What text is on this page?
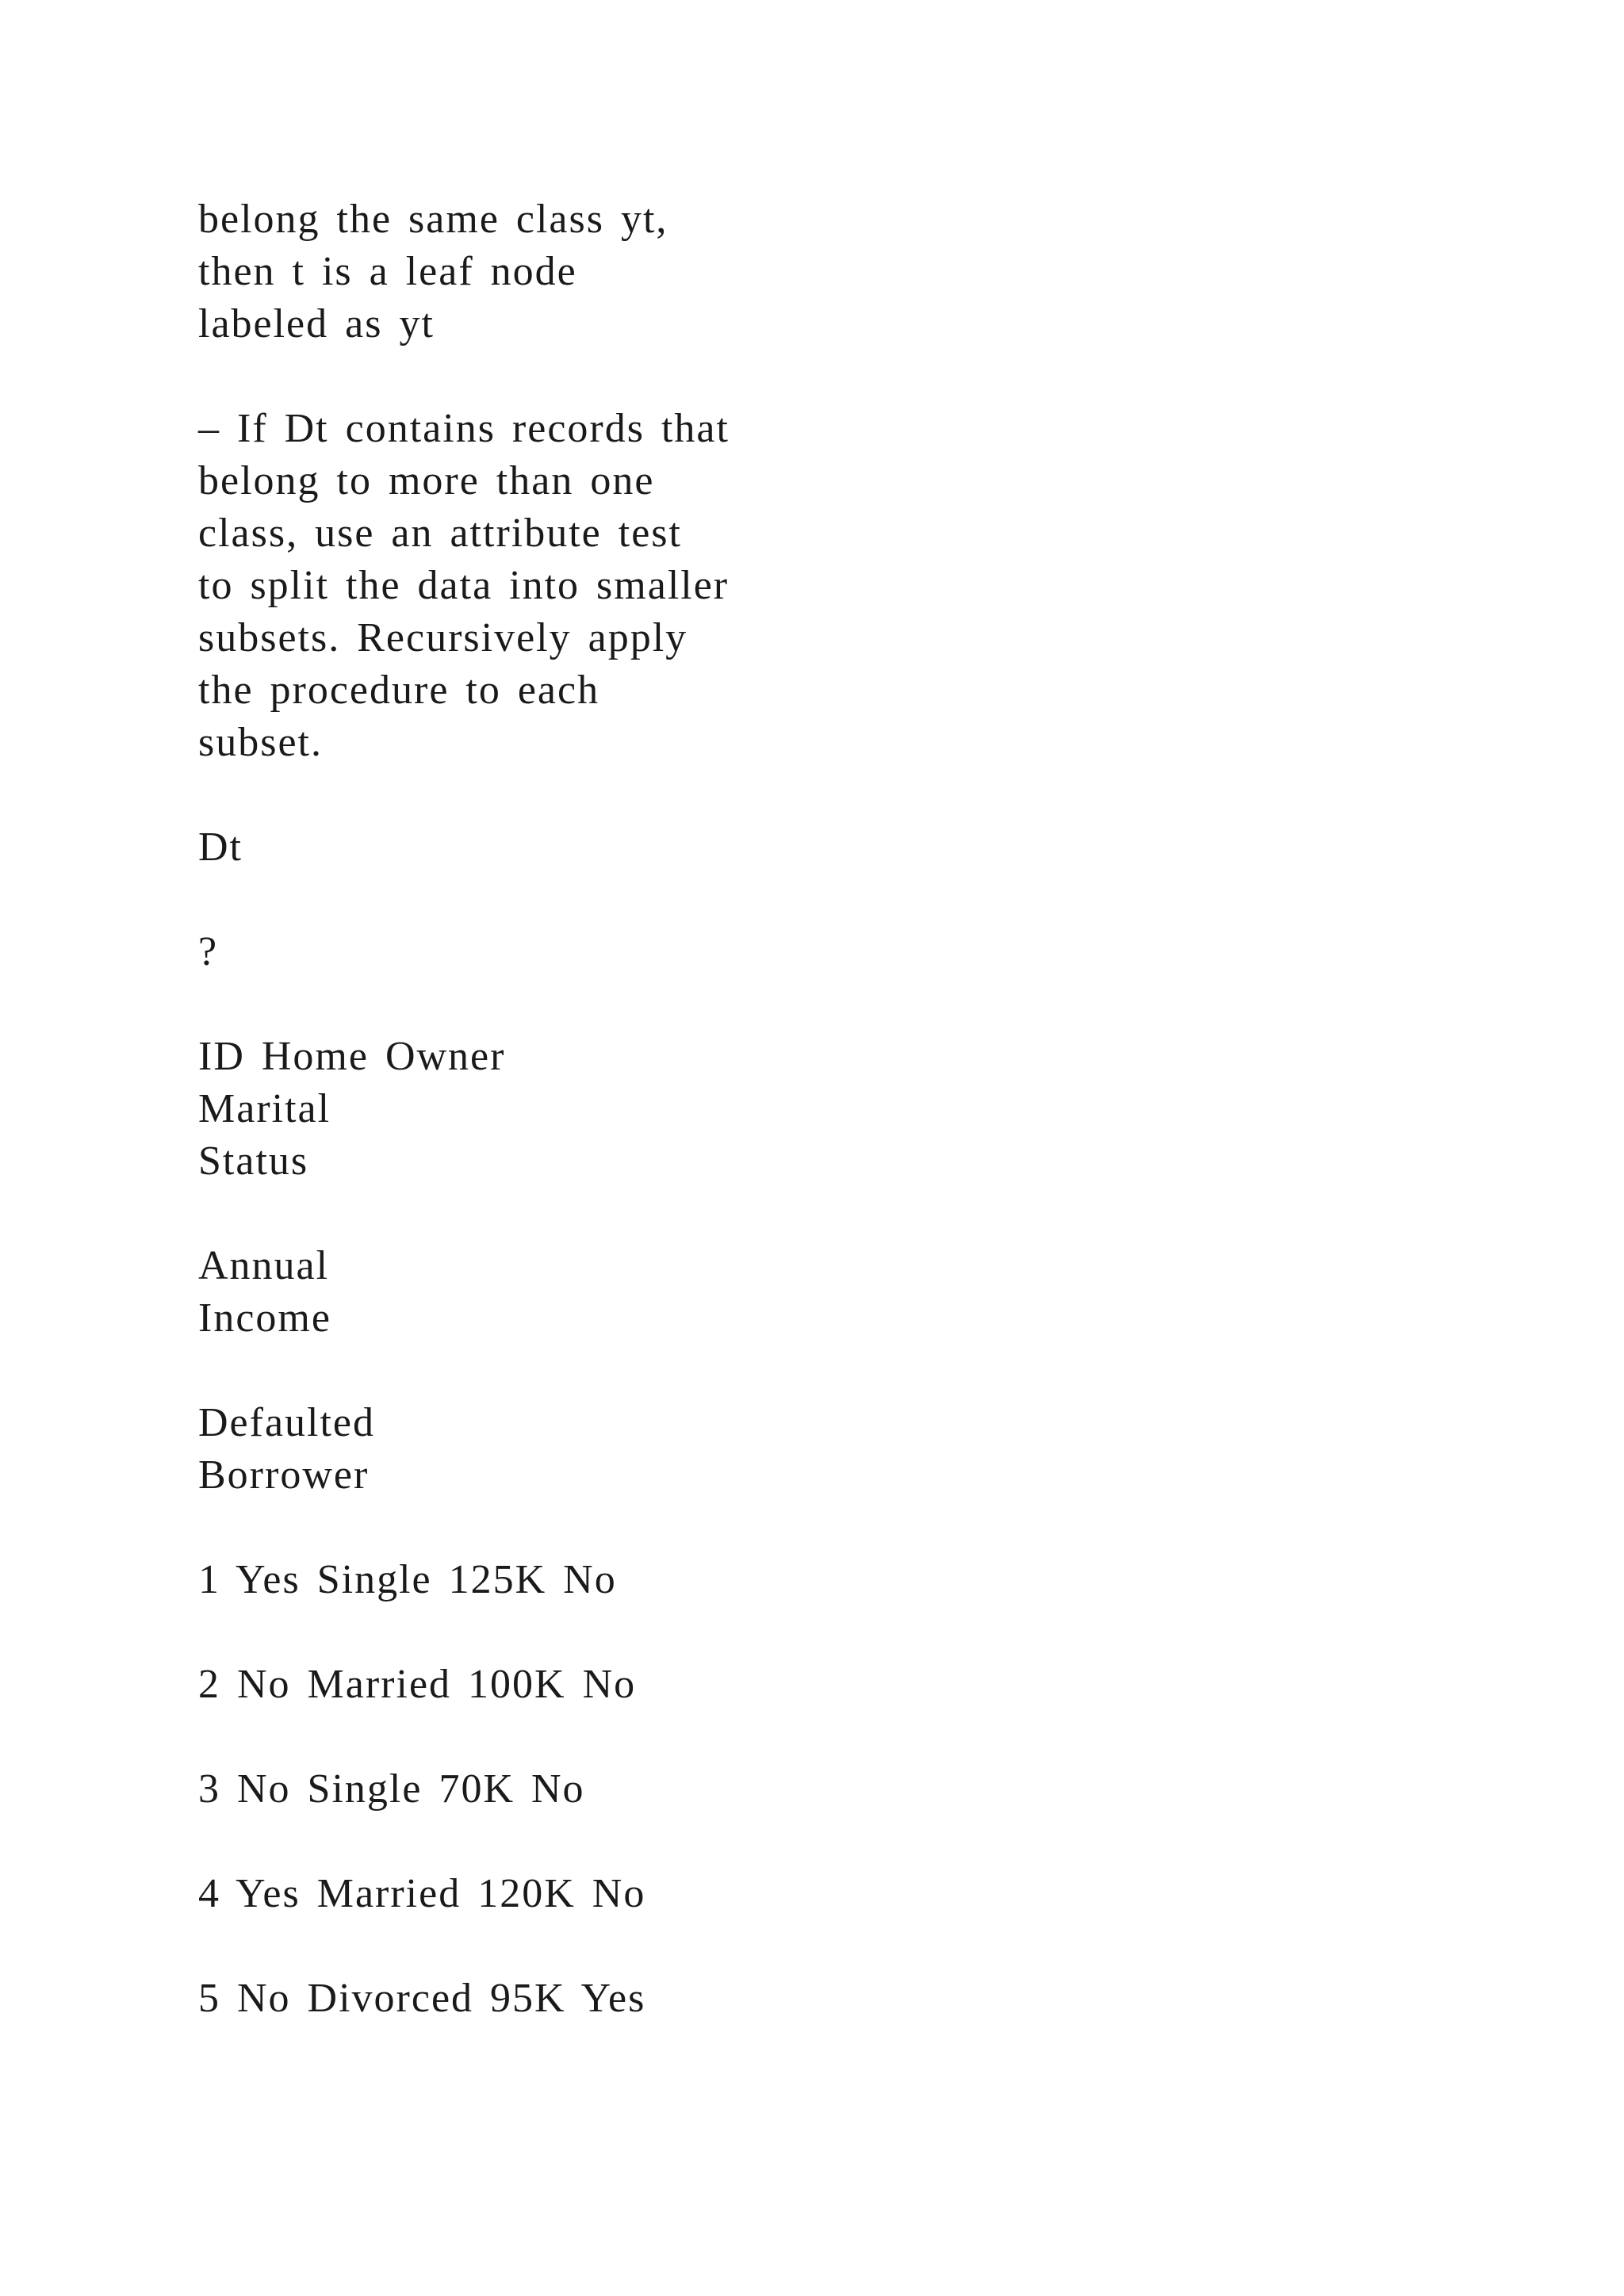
belong the same class yt,
then t is a leaf node
labeled as yt
– If Dt contains records that
belong to more than one
class, use an attribute test
to split the data into smaller
subsets. Recursively apply
the procedure to each
subset.
Dt
?
ID Home Owner
Marital
Status
Annual
Income
Defaulted
Borrower
1 Yes Single 125K No
2 No Married 100K No
3 No Single 70K No
4 Yes Married 120K No
5 No Divorced 95K Yes
